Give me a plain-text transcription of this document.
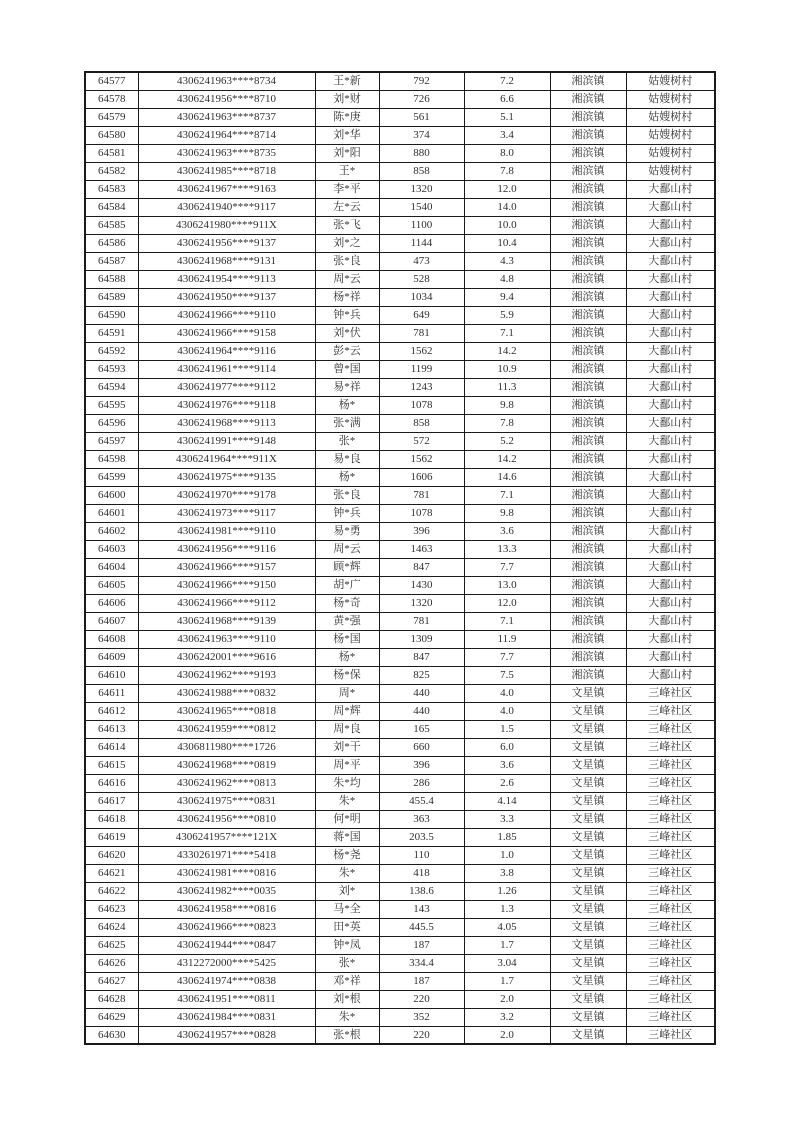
64577	4306241963****8734	王*新	792	7.2	湘滨镇	姑嫂树村
64578	4306241956****8710	刘*财	726	6.6	湘滨镇	姑嫂树村
64579	4306241963****8737	陈*庚	561	5.1	湘滨镇	姑嫂树村
64580	4306241964****8714	刘*华	374	3.4	湘滨镇	姑嫂树村
64581	4306241963****8735	刘*阳	880	8.0	湘滨镇	姑嫂树村
64582	4306241985****8718	王*	858	7.8	湘滨镇	姑嫂树村
64583	4306241967****9163	李*平	1320	12.0	湘滨镇	大鄱山村
64584	4306241940****9117	左*云	1540	14.0	湘滨镇	大鄱山村
64585	4306241980****911X	张*飞	1100	10.0	湘滨镇	大鄱山村
64586	4306241956****9137	刘*之	1144	10.4	湘滨镇	大鄱山村
64587	4306241968****9131	张*良	473	4.3	湘滨镇	大鄱山村
64588	4306241954****9113	周*云	528	4.8	湘滨镇	大鄱山村
64589	4306241950****9137	杨*祥	1034	9.4	湘滨镇	大鄱山村
64590	4306241966****9110	钟*兵	649	5.9	湘滨镇	大鄱山村
64591	4306241966****9158	刘*伏	781	7.1	湘滨镇	大鄱山村
64592	4306241964****9116	彭*云	1562	14.2	湘滨镇	大鄱山村
64593	4306241961****9114	曾*国	1199	10.9	湘滨镇	大鄱山村
64594	4306241977****9112	易*祥	1243	11.3	湘滨镇	大鄱山村
64595	4306241976****9118	杨*	1078	9.8	湘滨镇	大鄱山村
64596	4306241968****9113	张*满	858	7.8	湘滨镇	大鄱山村
64597	4306241991****9148	张*	572	5.2	湘滨镇	大鄱山村
64598	4306241964****911X	易*良	1562	14.2	湘滨镇	大鄱山村
64599	4306241975****9135	杨*	1606	14.6	湘滨镇	大鄱山村
64600	4306241970****9178	张*良	781	7.1	湘滨镇	大鄱山村
64601	4306241973****9117	钟*兵	1078	9.8	湘滨镇	大鄱山村
64602	4306241981****9110	易*勇	396	3.6	湘滨镇	大鄱山村
64603	4306241956****9116	周*云	1463	13.3	湘滨镇	大鄱山村
64604	4306241966****9157	顾*辉	847	7.7	湘滨镇	大鄱山村
64605	4306241966****9150	胡*广	1430	13.0	湘滨镇	大鄱山村
64606	4306241966****9112	杨*奇	1320	12.0	湘滨镇	大鄱山村
64607	4306241968****9139	黄*强	781	7.1	湘滨镇	大鄱山村
64608	4306241963****9110	杨*国	1309	11.9	湘滨镇	大鄱山村
64609	4306242001****9616	杨*	847	7.7	湘滨镇	大鄱山村
64610	4306241962****9193	杨*保	825	7.5	湘滨镇	大鄱山村
64611	4306241988****0832	周*	440	4.0	文星镇	三峰社区
64612	4306241965****0818	周*辉	440	4.0	文星镇	三峰社区
64613	4306241959****0812	周*良	165	1.5	文星镇	三峰社区
64614	4306811980****1726	刘*干	660	6.0	文星镇	三峰社区
64615	4306241968****0819	周*平	396	3.6	文星镇	三峰社区
64616	4306241962****0813	朱*均	286	2.6	文星镇	三峰社区
64617	4306241975****0831	朱*	455.4	4.14	文星镇	三峰社区
64618	4306241956****0810	何*明	363	3.3	文星镇	三峰社区
64619	4306241957****121X	蒋*国	203.5	1.85	文星镇	三峰社区
64620	4330261971****5418	杨*尧	110	1.0	文星镇	三峰社区
64621	4306241981****0816	朱*	418	3.8	文星镇	三峰社区
64622	4306241982****0035	刘*	138.6	1.26	文星镇	三峰社区
64623	4306241958****0816	马*全	143	1.3	文星镇	三峰社区
64624	4306241966****0823	田*英	445.5	4.05	文星镇	三峰社区
64625	4306241944****0847	钟*凤	187	1.7	文星镇	三峰社区
64626	4312272000****5425	张*	334.4	3.04	文星镇	三峰社区
64627	4306241974****0838	邓*祥	187	1.7	文星镇	三峰社区
64628	4306241951****0811	刘*根	220	2.0	文星镇	三峰社区
64629	4306241984****0831	朱*	352	3.2	文星镇	三峰社区
64630	4306241957****0828	张*根	220	2.0	文星镇	三峰社区
